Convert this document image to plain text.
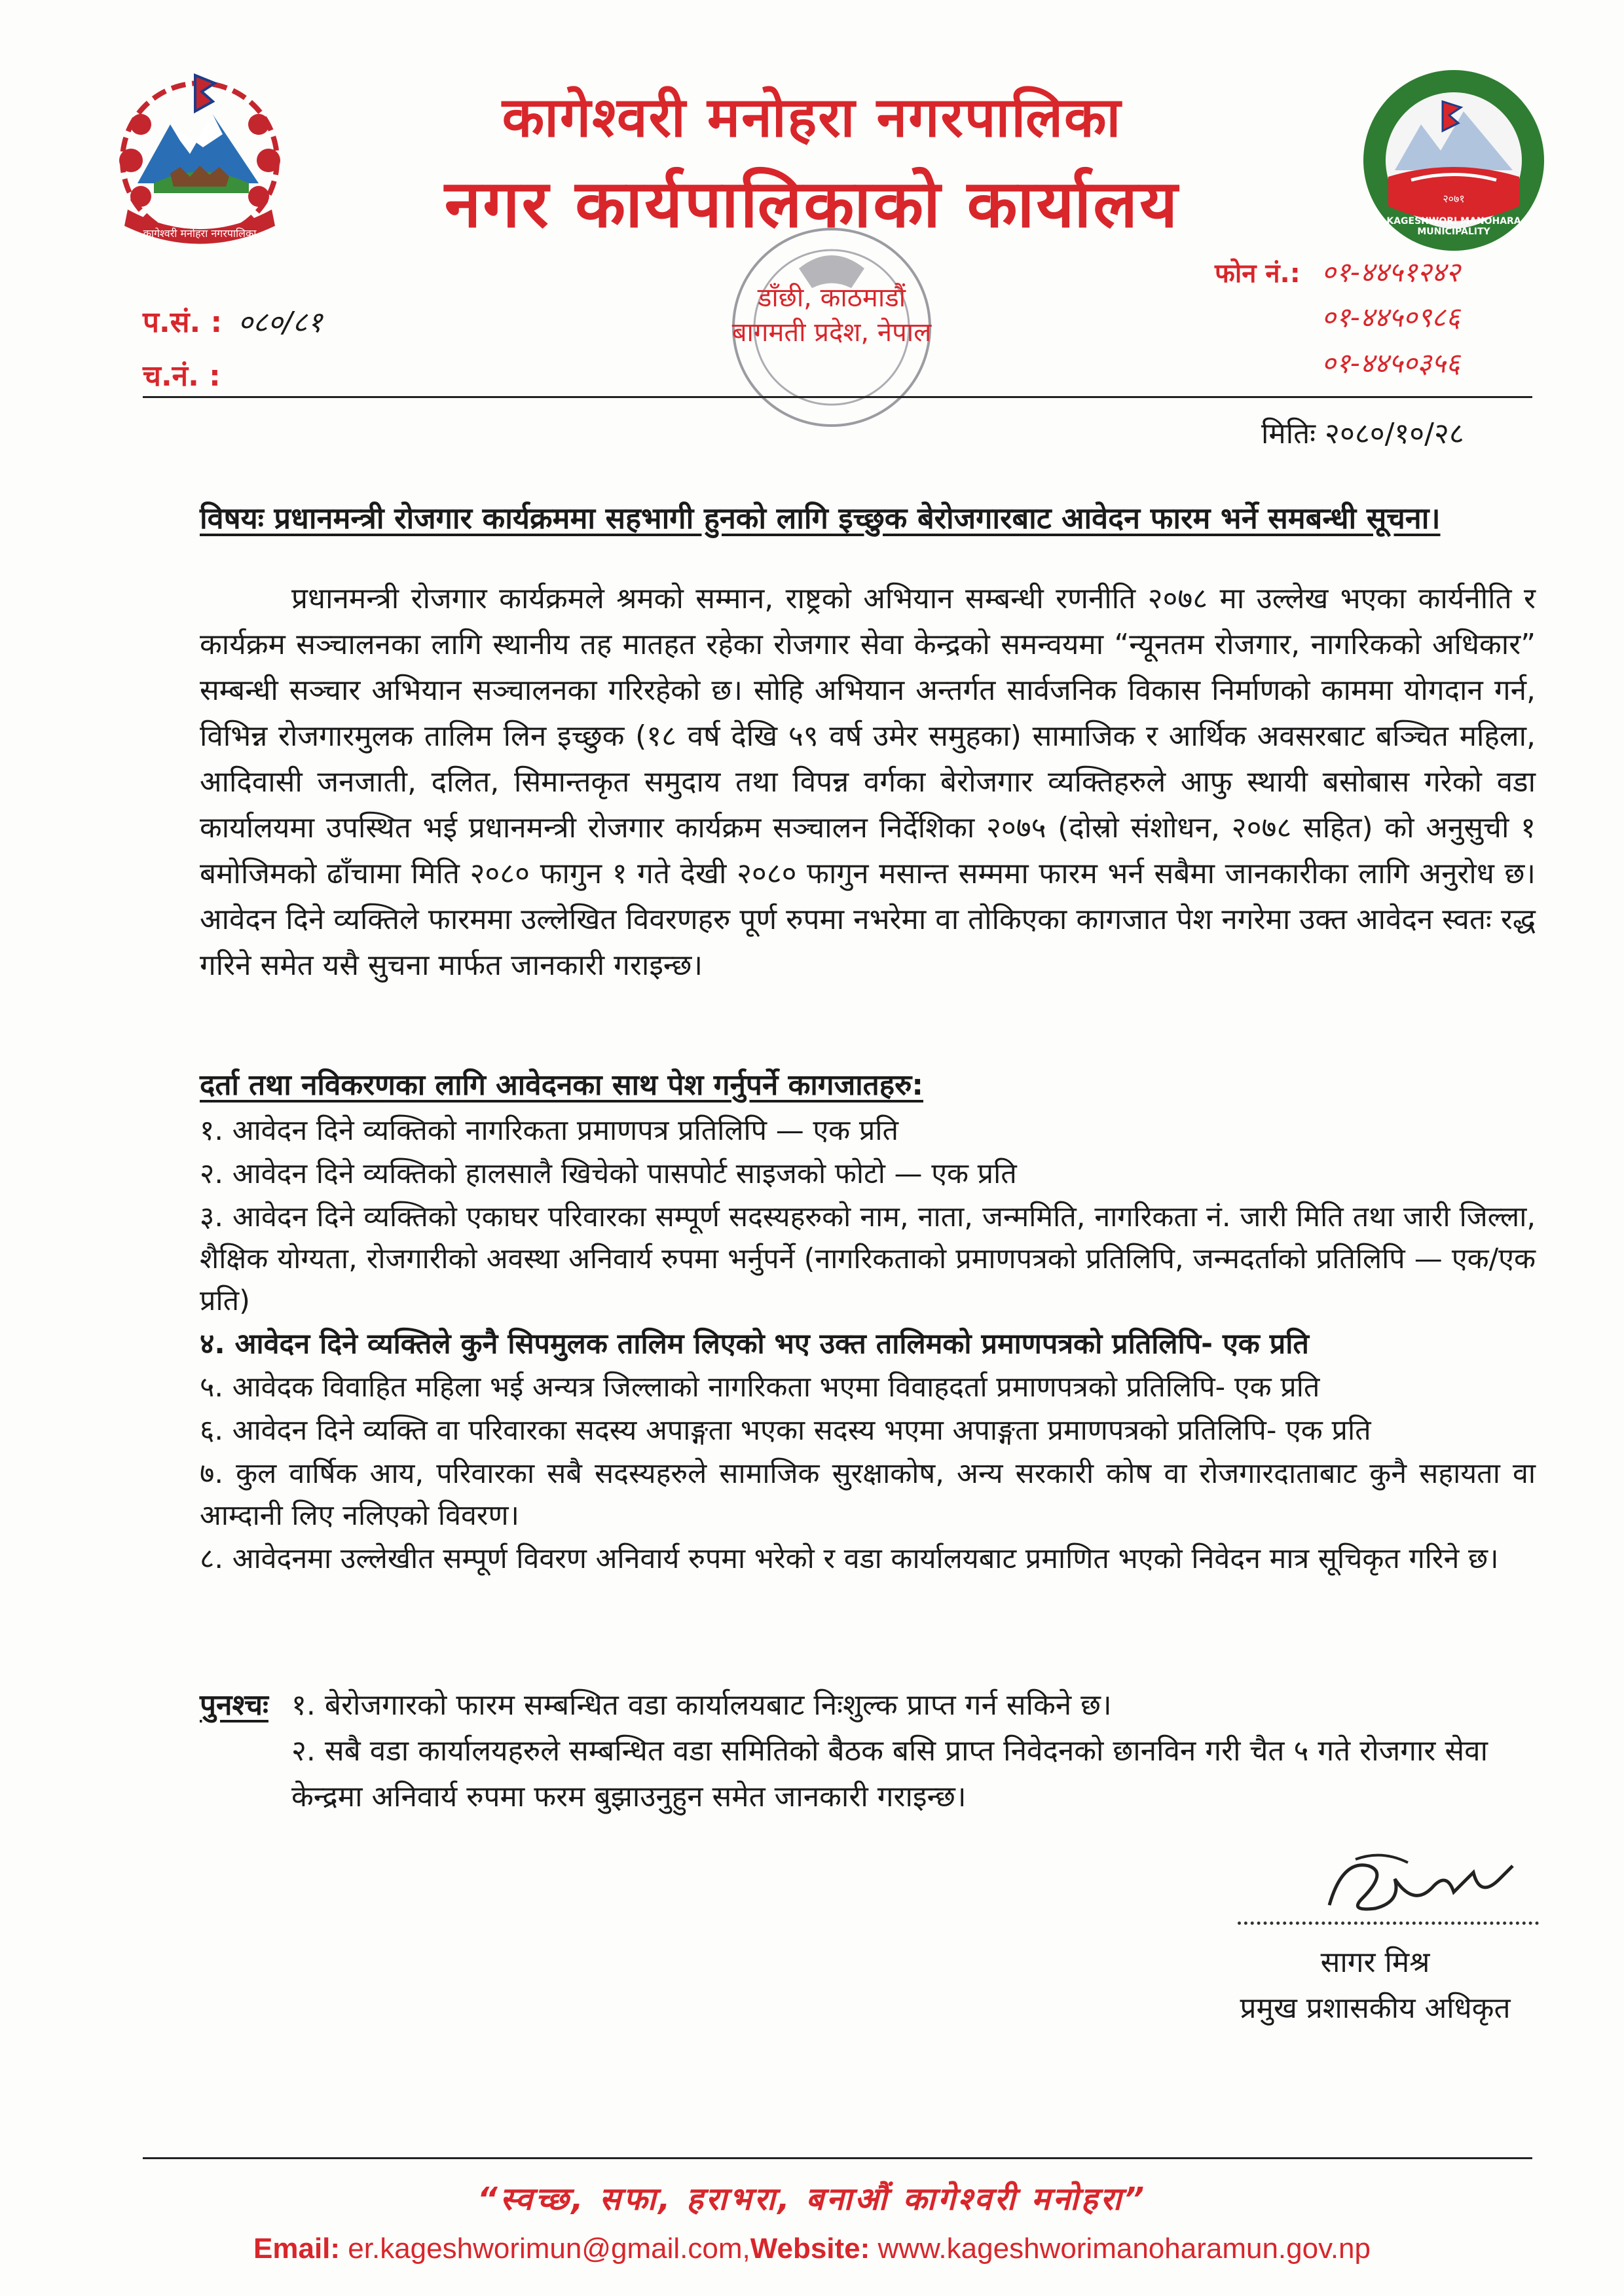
कागेश्वरी मनोहरा नगरपालिका
KAGESHWORI MANOHARA MUNICIPALITY
२०७१
कागेश्वरी मनोहरा नगरपालिका
नगर कार्यपालिकाको कार्यालय
डाँछी, काठमाडौं
बागमती प्रदेश, नेपाल
प.सं. : ०८०/८१
च.नं. :
फोन नं.: ०१-४४५१२४२
०१-४४५०९८६
०१-४४५०३५६
मितिः २०८०/१०/२८
विषयः प्रधानमन्त्री रोजगार कार्यक्रममा सहभागी हुनको लागि इच्छुक बेरोजगारबाट आवेदन फारम भर्ने समबन्धी सूचना।

प्रधानमन्त्री रोजगार कार्यक्रमले श्रमको सम्मान, राष्ट्रको अभियान सम्बन्धी रणनीति २०७८ मा उल्लेख भएका कार्यनीति र कार्यक्रम सञ्चालनका लागि स्थानीय तह मातहत रहेका रोजगार सेवा केन्द्रको समन्वयमा “न्यूनतम रोजगार, नागरिकको अधिकार” सम्बन्धी सञ्चार अभियान सञ्चालनका गरिरहेको छ। सोहि अभियान अन्तर्गत सार्वजनिक विकास निर्माणको काममा योगदान गर्न, विभिन्न रोजगारमुलक तालिम लिन इच्छुक (१८ वर्ष देखि ५९ वर्ष उमेर समुहका) सामाजिक र आर्थिक अवसरबाट बञ्चित महिला, आदिवासी जनजाती, दलित, सिमान्तकृत समुदाय तथा विपन्न वर्गका बेरोजगार व्यक्तिहरुले आफु स्थायी बसोबास गरेको वडा कार्यालयमा उपस्थित भई प्रधानमन्त्री रोजगार कार्यक्रम सञ्चालन निर्देशिका २०७५ (दोस्रो संशोधन, २०७८ सहित) को अनुसुची १ बमोजिमको ढाँचामा मिति २०८० फागुन १ गते देखी २०८० फागुन मसान्त सम्ममा फारम भर्न सबैमा जानकारीका लागि अनुरोध छ। आवेदन दिने व्यक्तिले फारममा उल्लेखित विवरणहरु पूर्ण रुपमा नभरेमा वा तोकिएका कागजात पेश नगरेमा उक्त आवेदन स्वतः रद्ध गरिने समेत यसै सुचना मार्फत जानकारी गराइन्छ।

दर्ता तथा नविकरणका लागि आवेदनका साथ पेश गर्नुपर्ने कागजातहरु:
१. आवेदन दिने व्यक्तिको नागरिकता प्रमाणपत्र प्रतिलिपि — एक प्रति
२. आवेदन दिने व्यक्तिको हालसालै खिचेको पासपोर्ट साइजको फोटो — एक प्रति
३. आवेदन दिने व्यक्तिको एकाघर परिवारका सम्पूर्ण सदस्यहरुको नाम, नाता, जन्ममिति, नागरिकता नं. जारी मिति तथा जारी जिल्ला, शैक्षिक योग्यता, रोजगारीको अवस्था अनिवार्य रुपमा भर्नुपर्ने (नागरिकताको प्रमाणपत्रको प्रतिलिपि, जन्मदर्ताको प्रतिलिपि — एक/एक प्रति)
४. आवेदन दिने व्यक्तिले कुनै सिपमुलक तालिम लिएको भए उक्त तालिमको प्रमाणपत्रको प्रतिलिपि- एक प्रति
५. आवेदक विवाहित महिला भई अन्यत्र जिल्लाको नागरिकता भएमा विवाहदर्ता प्रमाणपत्रको प्रतिलिपि- एक प्रति
६. आवेदन दिने व्यक्ति वा परिवारका सदस्य अपाङ्गता भएका सदस्य भएमा अपाङ्गता प्रमाणपत्रको प्रतिलिपि- एक प्रति
७. कुल वार्षिक आय, परिवारका सबै सदस्यहरुले सामाजिक सुरक्षाकोष, अन्य सरकारी कोष वा रोजगारदाताबाट कुनै सहायता वा आम्दानी लिए नलिएको विवरण।
८. आवेदनमा उल्लेखीत सम्पूर्ण विवरण अनिवार्य रुपमा भरेको र वडा कार्यालयबाट प्रमाणित भएको निवेदन मात्र सूचिकृत गरिने छ।
पुनश्चः १. बेरोजगारको फारम सम्बन्धित वडा कार्यालयबाट निःशुल्क प्राप्त गर्न सकिने छ।
२. सबै वडा कार्यालयहरुले सम्बन्धित वडा समितिको बैठक बसि प्राप्त निवेदनको छानविन गरी चैत ५ गते रोजगार सेवा केन्द्रमा अनिवार्य रुपमा फरम बुझाउनुहुन समेत जानकारी गराइन्छ।
सागर मिश्र
प्रमुख प्रशासकीय अधिकृत
“स्वच्छ, सफा, हराभरा, बनाऔं कागेश्वरी मनोहरा”
Email: er.kageshworimun@gmail.com,Website: www.kageshworimanoharamun.gov.np
